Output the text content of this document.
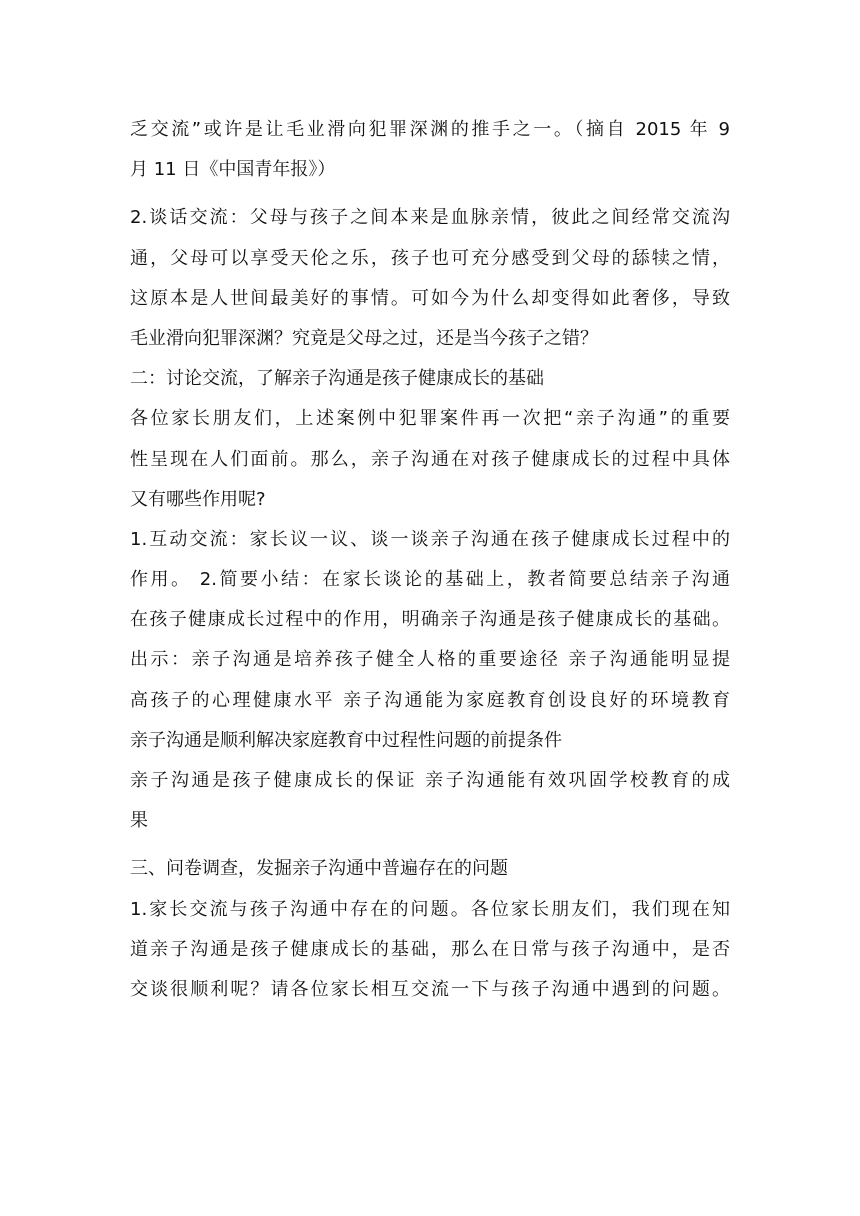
乏交流”或许是让毛业滑向犯罪深渊的推手之一。（摘自 2015 年 9
月 11 日《中国青年报》）
2.谈话交流：父母与孩子之间本来是血脉亲情，彼此之间经常交流沟
通，父母可以享受天伦之乐，孩子也可充分感受到父母的舔犊之情，
这原本是人世间最美好的事情。可如今为什么却变得如此奢侈，导致
毛业滑向犯罪深渊？究竟是父母之过，还是当今孩子之错？
二：讨论交流，了解亲子沟通是孩子健康成长的基础
各位家长朋友们，上述案例中犯罪案件再一次把“亲子沟通”的重要
性呈现在人们面前。那么，亲子沟通在对孩子健康成长的过程中具体
又有哪些作用呢?
1.互动交流：家长议一议、谈一谈亲子沟通在孩子健康成长过程中的
作用。 2.简要小结：在家长谈论的基础上，教者简要总结亲子沟通
在孩子健康成长过程中的作用，明确亲子沟通是孩子健康成长的基础。
出示：亲子沟通是培养孩子健全人格的重要途径 亲子沟通能明显提
高孩子的心理健康水平 亲子沟通能为家庭教育创设良好的环境教育
亲子沟通是顺利解决家庭教育中过程性问题的前提条件
亲子沟通是孩子健康成长的保证 亲子沟通能有效巩固学校教育的成
果
三、问卷调查，发掘亲子沟通中普遍存在的问题
1.家长交流与孩子沟通中存在的问题。各位家长朋友们，我们现在知
道亲子沟通是孩子健康成长的基础，那么在日常与孩子沟通中，是否
交谈很顺利呢？请各位家长相互交流一下与孩子沟通中遇到的问题。
